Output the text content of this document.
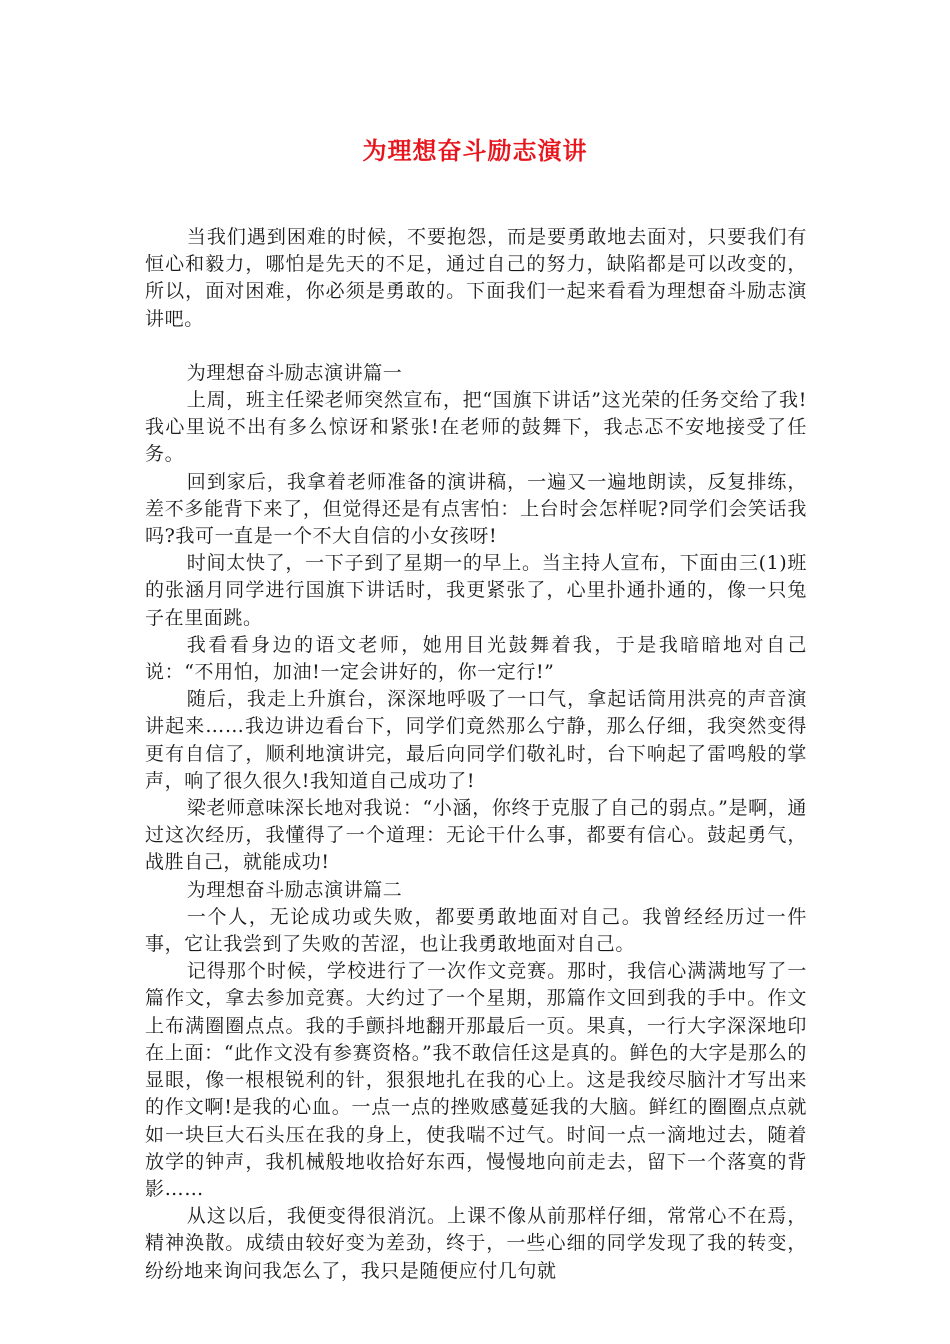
为理想奋斗励志演讲

当我们遇到困难的时候，不要抱怨，而是要勇敢地去面对，只要我们有恒心和毅力，哪怕是先天的不足，通过自己的努力，缺陷都是可以改变的，所以，面对困难，你必须是勇敢的。下面我们一起来看看为理想奋斗励志演讲吧。

为理想奋斗励志演讲篇一

上周，班主任梁老师突然宣布，把“国旗下讲话”这光荣的任务交给了我!我心里说不出有多么惊讶和紧张!在老师的鼓舞下，我忐忑不安地接受了任务。

回到家后，我拿着老师准备的演讲稿，一遍又一遍地朗读，反复排练，差不多能背下来了，但觉得还是有点害怕：上台时会怎样呢?同学们会笑话我吗?我可一直是一个不大自信的小女孩呀!

时间太快了，一下子到了星期一的早上。当主持人宣布，下面由三(1)班的张涵月同学进行国旗下讲话时，我更紧张了，心里扑通扑通的，像一只兔子在里面跳。

我看看身边的语文老师，她用目光鼓舞着我，于是我暗暗地对自己说：“不用怕，加油!一定会讲好的，你一定行!”

随后，我走上升旗台，深深地呼吸了一口气，拿起话筒用洪亮的声音演讲起来……我边讲边看台下，同学们竟然那么宁静，那么仔细，我突然变得更有自信了，顺利地演讲完，最后向同学们敬礼时，台下响起了雷鸣般的掌声，响了很久很久!我知道自己成功了!

梁老师意味深长地对我说：“小涵，你终于克服了自己的弱点。”是啊，通过这次经历，我懂得了一个道理：无论干什么事，都要有信心。鼓起勇气，战胜自己，就能成功!

为理想奋斗励志演讲篇二

一个人，无论成功或失败，都要勇敢地面对自己。我曾经经历过一件事，它让我尝到了失败的苦涩，也让我勇敢地面对自己。

记得那个时候，学校进行了一次作文竞赛。那时，我信心满满地写了一篇作文，拿去参加竞赛。大约过了一个星期，那篇作文回到我的手中。作文上布满圈圈点点。我的手颤抖地翻开那最后一页。果真，一行大字深深地印在上面：“此作文没有参赛资格。”我不敢信任这是真的。鲜色的大字是那么的显眼，像一根根锐利的针，狠狠地扎在我的心上。这是我绞尽脑汁才写出来的作文啊!是我的心血。一点一点的挫败感蔓延我的大脑。鲜红的圈圈点点就如一块巨大石头压在我的身上，使我喘不过气。时间一点一滴地过去，随着放学的钟声，我机械般地收拾好东西，慢慢地向前走去，留下一个落寞的背影……

从这以后，我便变得很消沉。上课不像从前那样仔细，常常心不在焉，精神涣散。成绩由较好变为差劲，终于，一些心细的同学发现了我的转变，纷纷地来询问我怎么了，我只是随便应付几句就
